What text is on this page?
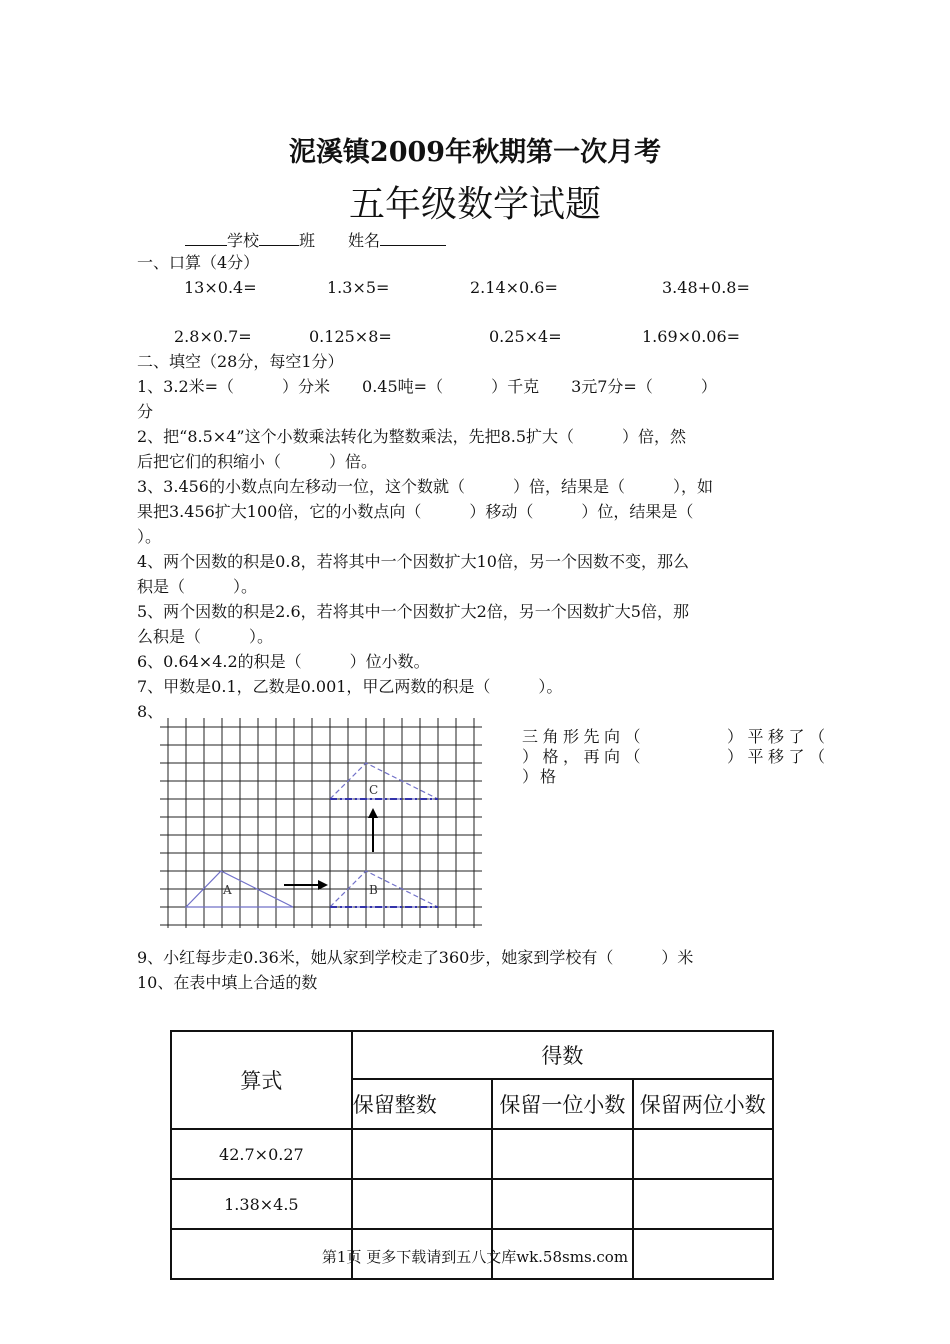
泥溪镇2009年秋期第一次月考
五年级数学试题
学校	班 姓名
一、口算（4分）
13×0.4=	1.3×5=	2.14×0.6=	3.48+0.8=
2.8×0.7=	0.125×8=	0.25×4=	1.69×0.06=
二、填空（28分，每空1分）
1、3.2米=（　　　）分米　　0.45吨=（　　　）千克　　3元7分=（　　　）
分
2、把“8.5×4”这个小数乘法转化为整数乘法，先把8.5扩大（　　　）倍，然
后把它们的积缩小（　　　）倍。
3、3.456的小数点向左移动一位，这个数就（　　　）倍，结果是（　　　），如
果把3.456扩大100倍，它的小数点向（　　　）移动（　　　）位，结果是（
）。
4、两个因数的积是0.8，若将其中一个因数扩大10倍，另一个因数不变，那么
积是（　　　）。
5、两个因数的积是2.6，若将其中一个因数扩大2倍，另一个因数扩大5倍，那
么积是（　　　）。
6、0.64×4.2的积是（　　　）位小数。
7、甲数是0.1，乙数是0.001，甲乙两数的积是（　　　）。
8、
A	B
C
三角形先向（　　　　）平移了（
）格，再向（　　　　）平移了（
）格
9、小红每步走0.36米，她从家到学校走了360步，她家到学校有（　　　）米
10、在表中填上合适的数
算式	得数		
	保留整数	保留一位小数	保留两位小数
42.7×0.27			
1.38×4.5			

第1页 更多下载请到五八文库wk.58sms.com
